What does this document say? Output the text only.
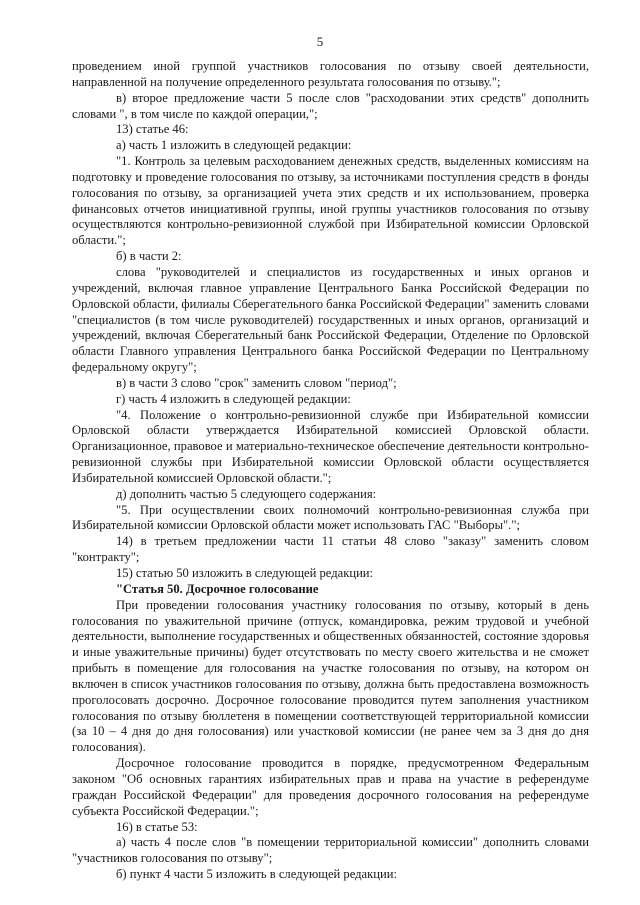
5

проведением иной группой участников голосования по отзыву своей деятельности, направленной на получение определенного результата голосования по отзыву.";

в) второе предложение части 5 после слов "расходовании этих средств" дополнить словами ", в том числе по каждой операции,";

13) статье 46:

а) часть 1 изложить в следующей редакции:

"1. Контроль за целевым расходованием денежных средств, выделенных комиссиям на подготовку и проведение голосования по отзыву, за источниками поступления средств в фонды голосования по отзыву, за организацией учета этих средств и их использованием, проверка финансовых отчетов инициативной группы, иной группы участников голосования по отзыву осуществляются контрольно-ревизионной службой при Избирательной комиссии Орловской области.";

б) в части 2:

слова "руководителей и специалистов из государственных и иных органов и учреждений, включая главное управление Центрального Банка Российской Федерации по Орловской области, филиалы Сберегательного банка Российской Федерации" заменить словами "специалистов (в том числе руководителей) государственных и иных органов, организаций и учреждений, включая Сберегательный банк Российской Федерации, Отделение по Орловской области Главного управления Центрального банка Российской Федерации по Центральному федеральному округу";

в) в части 3 слово "срок" заменить словом "период";

г) часть 4 изложить в следующей редакции:

"4. Положение о контрольно-ревизионной службе при Избирательной комиссии Орловской области утверждается Избирательной комиссией Орловской области. Организационное, правовое и материально-техническое обеспечение деятельности контрольно-ревизионной службы при Избирательной комиссии Орловской области осуществляется Избирательной комиссией Орловской области.";

д) дополнить частью 5 следующего содержания:

"5. При осуществлении своих полномочий контрольно-ревизионная служба при Избирательной комиссии Орловской области может использовать ГАС "Выборы".";

14) в третьем предложении части 11 статьи 48 слово "заказу" заменить словом "контракту";

15) статью 50 изложить в следующей редакции:

"Статья 50. Досрочное голосование

При проведении голосования участнику голосования по отзыву, который в день голосования по уважительной причине (отпуск, командировка, режим трудовой и учебной деятельности, выполнение государственных и общественных обязанностей, состояние здоровья и иные уважительные причины) будет отсутствовать по месту своего жительства и не сможет прибыть в помещение для голосования на участке голосования по отзыву, на котором он включен в список участников голосования по отзыву, должна быть предоставлена возможность проголосовать досрочно. Досрочное голосование проводится путем заполнения участником голосования по отзыву бюллетеня в помещении соответствующей территориальной комиссии (за 10 – 4 дня до дня голосования) или участковой комиссии (не ранее чем за 3 дня до дня голосования).

Досрочное голосование проводится в порядке, предусмотренном Федеральным законом "Об основных гарантиях избирательных прав и права на участие в референдуме граждан Российской Федерации" для проведения досрочного голосования на референдуме субъекта Российской Федерации.";

16) в статье 53:

а) часть 4 после слов "в помещении территориальной комиссии" дополнить словами "участников голосования по отзыву";

б) пункт 4 части 5 изложить в следующей редакции:
